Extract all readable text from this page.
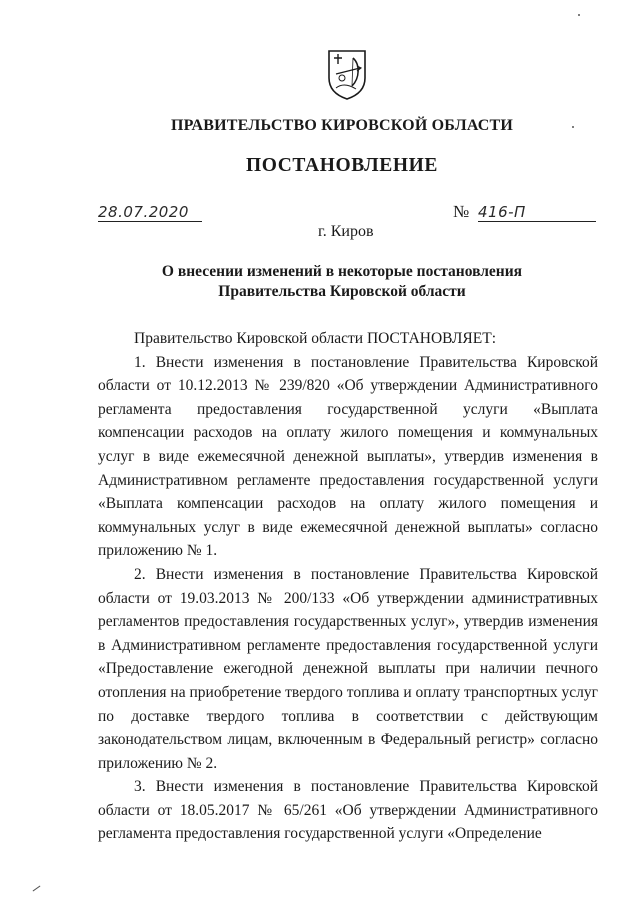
ПРАВИТЕЛЬСТВО КИРОВСКОЙ ОБЛАСТИ
ПОСТАНОВЛЕНИЕ
28.07.2020	№ 416-П
г. Киров
О внесении изменений в некоторые постановления
Правительства Кировской области

Правительство Кировской области ПОСТАНОВЛЯЕТ:

1. Внести изменения в постановление Правительства Кировской области от 10.12.2013 № 239/820 «Об утверждении Административного регламента предоставления государственной услуги «Выплата компенсации расходов на оплату жилого помещения и коммунальных услуг в виде ежемесячной денежной выплаты», утвердив изменения в Административном регламенте предоставления государственной услуги «Выплата компенсации расходов на оплату жилого помещения и коммунальных услуг в виде ежемесячной денежной выплаты» согласно приложению № 1.

2. Внести изменения в постановление Правительства Кировской области от 19.03.2013 № 200/133 «Об утверждении административных регламентов предоставления государственных услуг», утвердив изменения в Административном регламенте предоставления государственной услуги «Предоставление ежегодной денежной выплаты при наличии печного отопления на приобретение твердого топлива и оплату транспортных услуг по доставке твердого топлива в соответствии с действующим законодательством лицам, включенным в Федеральный регистр» согласно приложению № 2.

3. Внести изменения в постановление Правительства Кировской области от 18.05.2017 № 65/261 «Об утверждении Административного регламента предоставления государственной услуги «Определение
